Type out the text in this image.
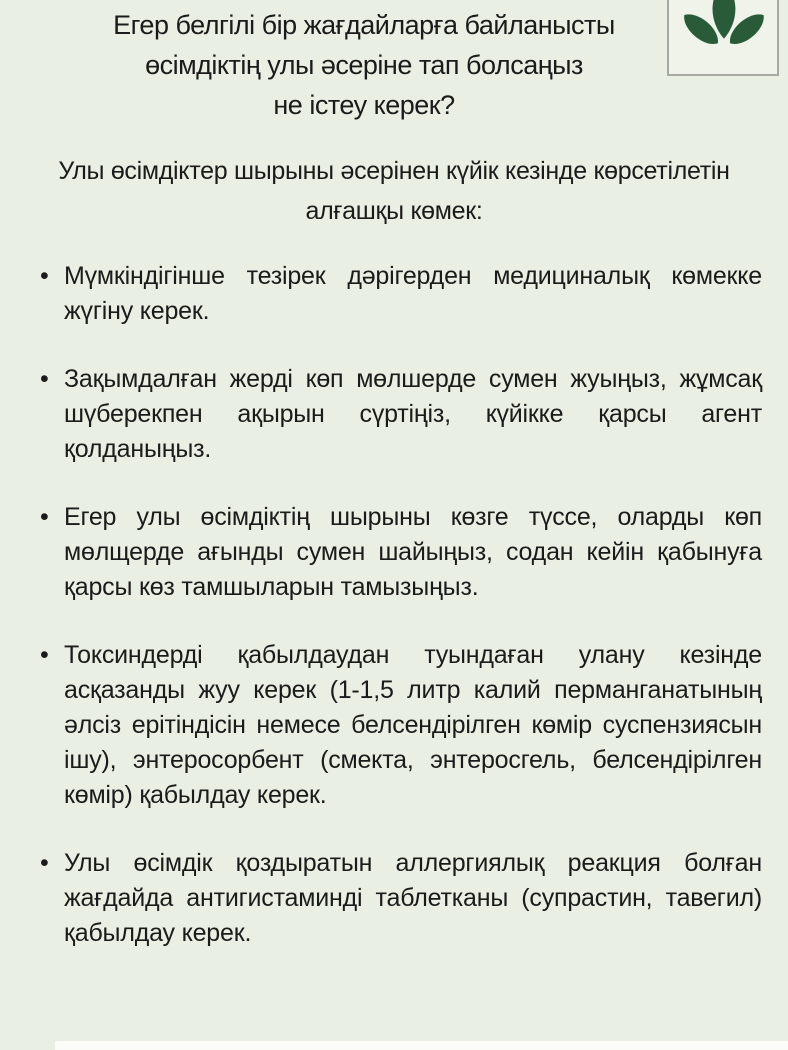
Егер белгілі бір жағдайларға байланысты
өсімдіктің улы әсеріне тап болсаңыз
не істеу керек?
Улы өсімдіктер шырыны әсерінен күйік кезінде көрсетілетін
алғашқы көмек:
• Мүмкіндігінше тезірек дәрігерден медициналық көмекке жүгіну керек.
• Зақымдалған жерді көп мөлшерде сумен жуыңыз, жұмсақ шүберекпен ақырын сүртіңіз, күйікке қарсы агент қолданыңыз.
• Егер улы өсімдіктің шырыны көзге түссе, оларды көп мөлщерде ағынды сумен шайыңыз, содан кейін қабынуға қарсы көз тамшыларын тамызыңыз.
• Токсиндерді қабылдаудан туындаған улану кезінде асқазанды жуу керек (1-1,5 литр калий перманганатының әлсіз ерітіндісін немесе белсендірілген көмір суспензиясын ішу), энтеросорбент (смекта, энтеросгель, белсендірілген көмір) қабылдау керек.
• Улы өсімдік қоздыратын аллергиялық реакция болған жағдайда антигистаминді таблетканы (супрастин, тавегил) қабылдау керек.
